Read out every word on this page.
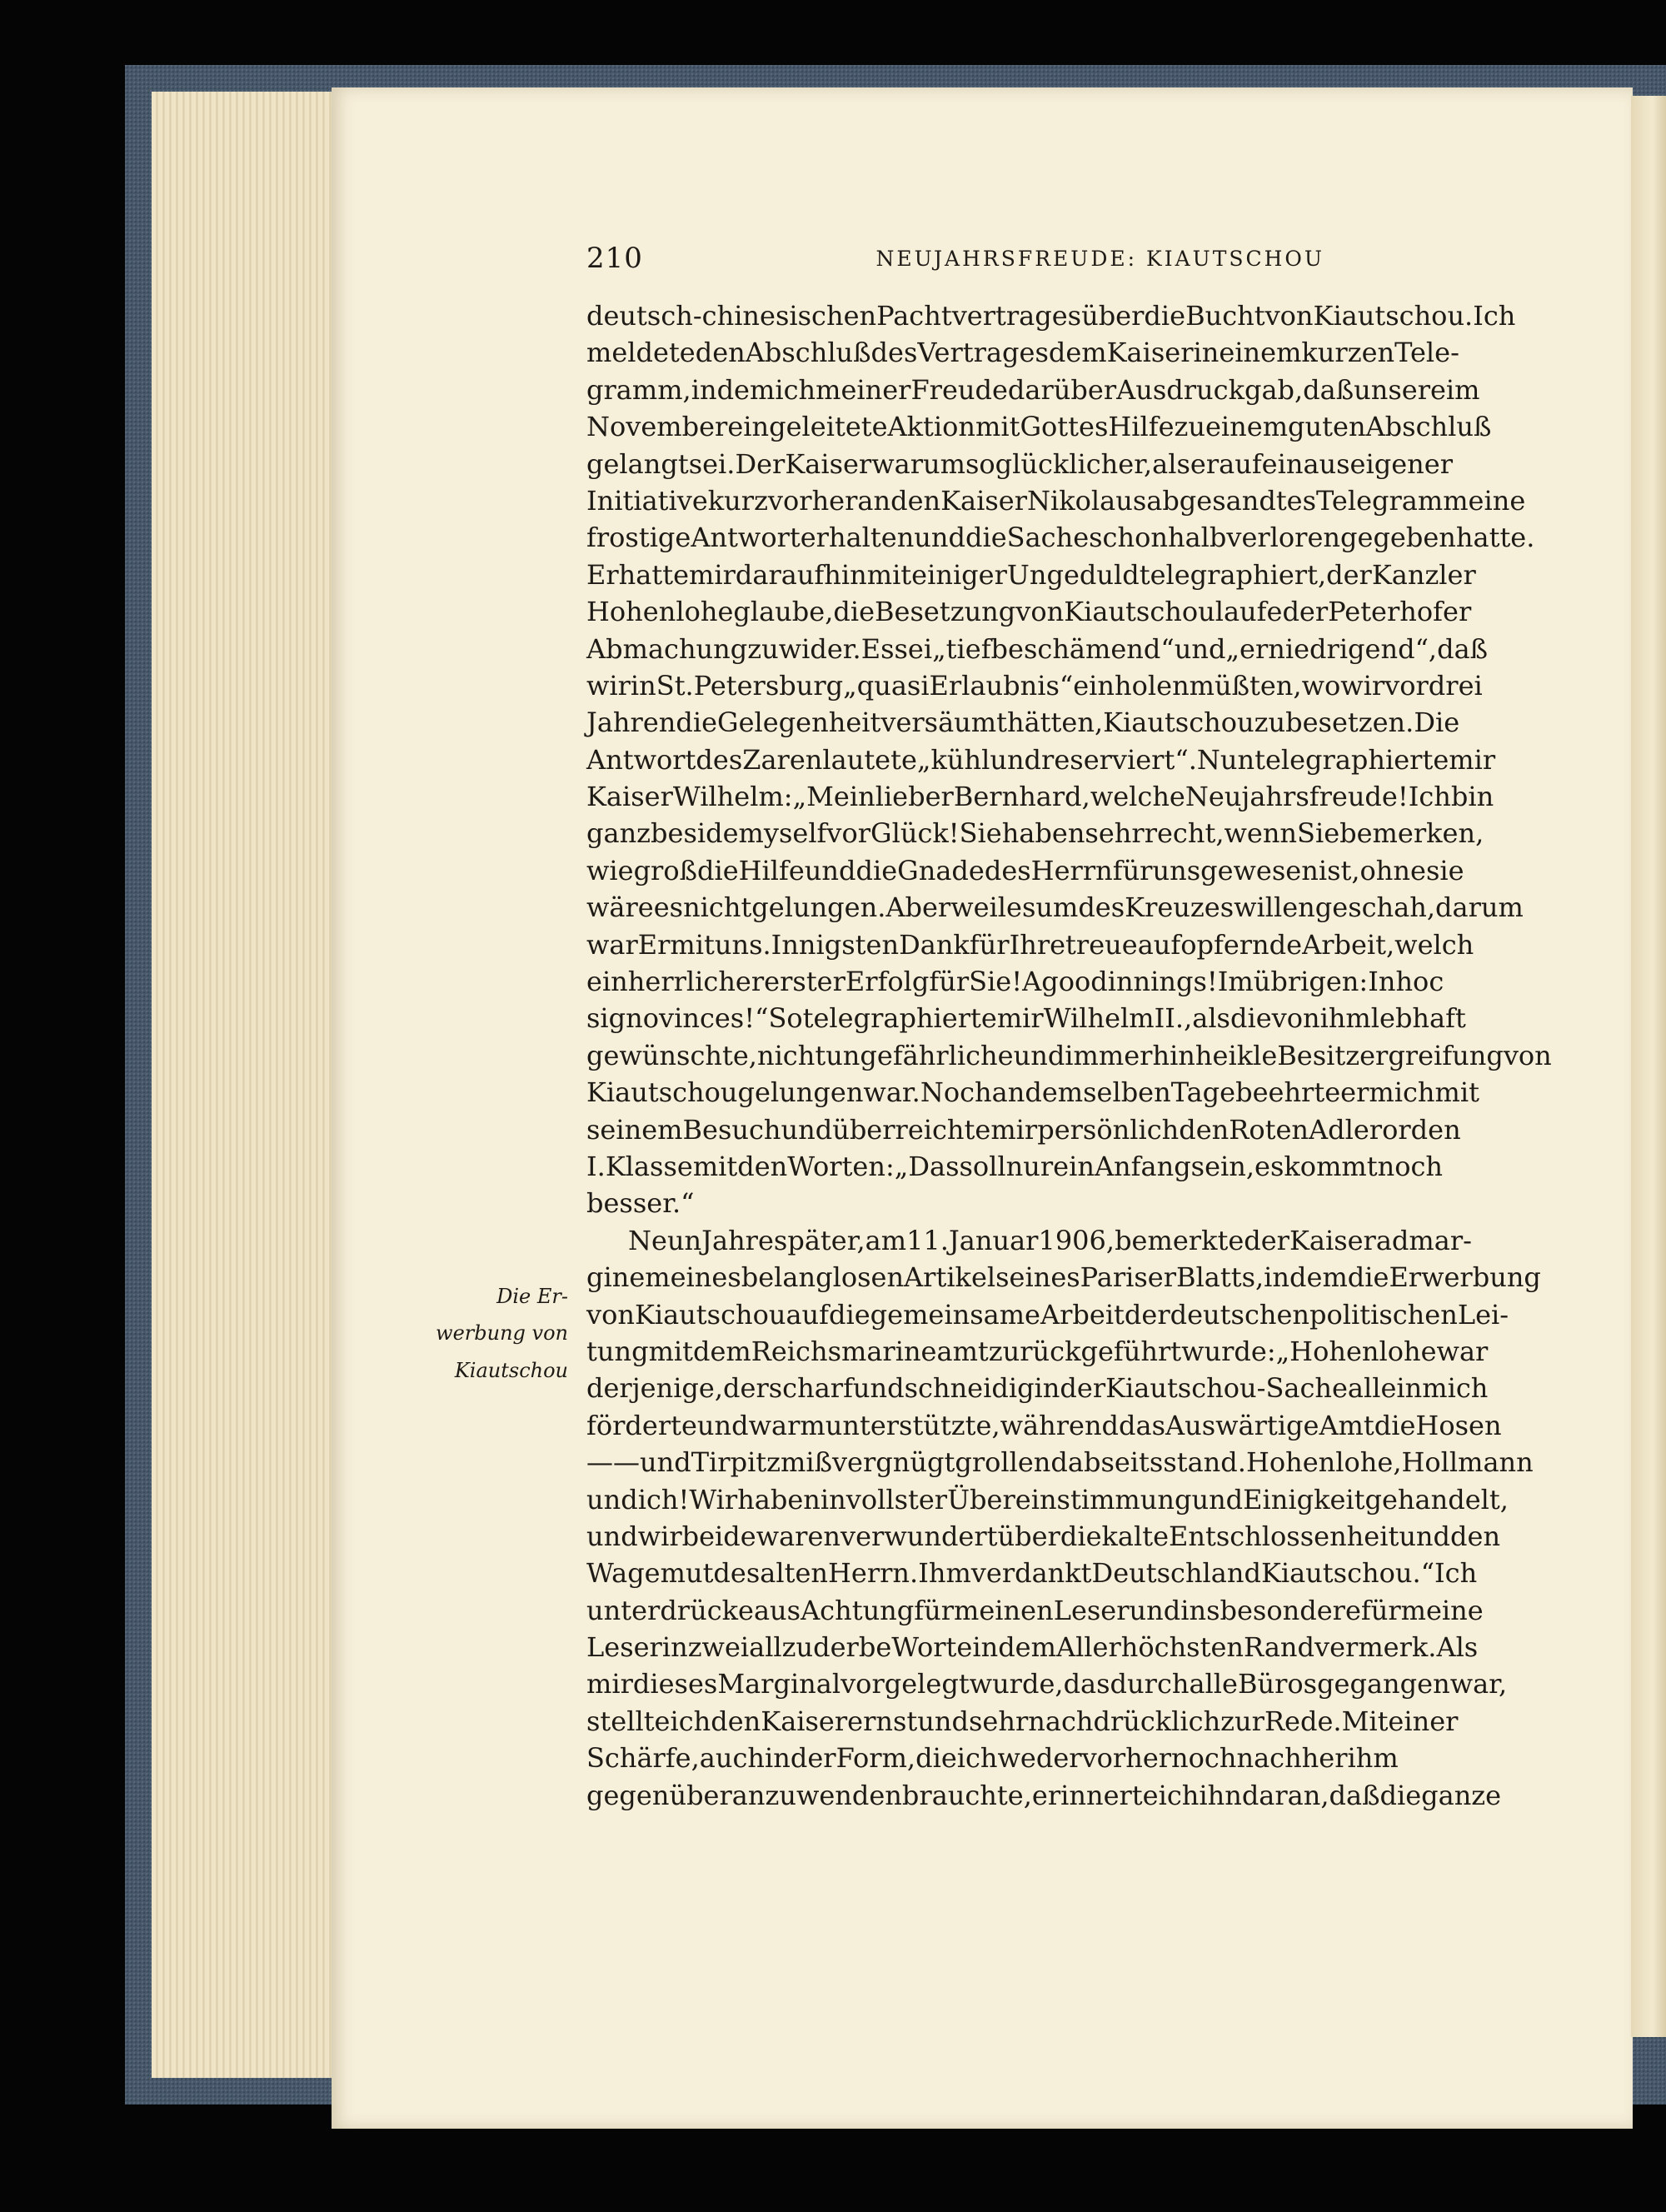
210	NEUJAHRSFREUDE: KIAUTSCHOU
deutsch-chinesischen Pachtvertrages über die Bucht von Kiautschou. Ich
meldete den Abschluß des Vertrages dem Kaiser in einem kurzen Tele-
gramm, in dem ich meiner Freude darüber Ausdruck gab, daß unsere im
November eingeleitete Aktion mit Gottes Hilfe zu einem guten Abschluß
gelangt sei. Der Kaiser war um so glücklicher, als er auf ein aus eigener
Initiative kurz vorher an den Kaiser Nikolaus abgesandtes Telegramm eine
frostige Antwort erhalten und die Sache schon halb verlorengegeben hatte.
Er hatte mir daraufhin mit einiger Ungeduld telegraphiert, der Kanzler
Hohenlohe glaube, die Besetzung von Kiautschou laufe der Peterhofer
Abmachung zuwider. Es sei „tief beschämend“ und „erniedrigend“, daß
wir in St. Petersburg „quasi Erlaubnis“ einholen müßten, wo wir vor drei
Jahren die Gelegenheit versäumt hätten, Kiautschou zu besetzen. Die
Antwort des Zaren lautete „kühl und reserviert“. Nun telegraphierte mir
Kaiser Wilhelm: „Mein lieber Bernhard, welche Neujahrsfreude! Ich bin
ganz beside myself vor Glück! Sie haben sehr recht, wenn Sie bemerken,
wie groß die Hilfe und die Gnade des Herrn für uns gewesen ist, ohne sie
wäre es nicht gelungen. Aber weil es um des Kreuzes willen geschah, darum
war Er mit uns. Innigsten Dank für Ihre treue aufopfernde Arbeit, welch
ein herrlicher erster Erfolg für Sie! A good innings! Im übrigen: In hoc
signo vinces!“ So telegraphierte mir Wilhelm II., als die von ihm lebhaft
gewünschte, nicht ungefährliche und immerhin heikle Besitzergreifung von
Kiautschou gelungen war. Noch an demselben Tage beehrte er mich mit
seinem Besuch und überreichte mir persönlich den Roten Adlerorden
I. Klasse mit den Worten: „Das soll nur ein Anfang sein, es kommt noch
besser.“
Neun Jahre später, am 11. Januar 1906, bemerkte der Kaiser ad mar-
ginem eines belanglosen Artikels eines Pariser Blatts, in dem die Erwerbung
von Kiautschou auf die gemeinsame Arbeit der deutschen politischen Lei-
tung mit dem Reichsmarineamt zurückgeführt wurde: „Hohenlohe war
derjenige, der scharf und schneidig in der Kiautschou-Sache allein mich
förderte und warm unterstützte, während das Auswärtige Amt die Hosen
— — und Tirpitz mißvergnügt grollend abseits stand.Hohenlohe, Hollmann
und ich! Wir haben in vollster Übereinstimmung und Einigkeit gehandelt,
und wir beide waren verwundert über die kalte Entschlossenheit und den
Wagemut des alten Herrn. Ihm verdankt Deutschland Kiautschou.“ Ich
unterdrücke aus Achtung für meinen Leser und insbesondere für meine
Leserin zwei allzu derbe Worte in dem Allerhöchsten Randvermerk. Als
mir dieses Marginal vorgelegt wurde, das durch alle Büros gegangen war,
stellte ich den Kaiser ernst und sehr nachdrücklich zur Rede. Mit einer
Schärfe, auch in der Form, die ich weder vorher noch nachher ihm
gegenüber anzuwenden brauchte, erinnerte ich ihn daran, daß die ganze
Die Er-
werbung von
Kiautschou
